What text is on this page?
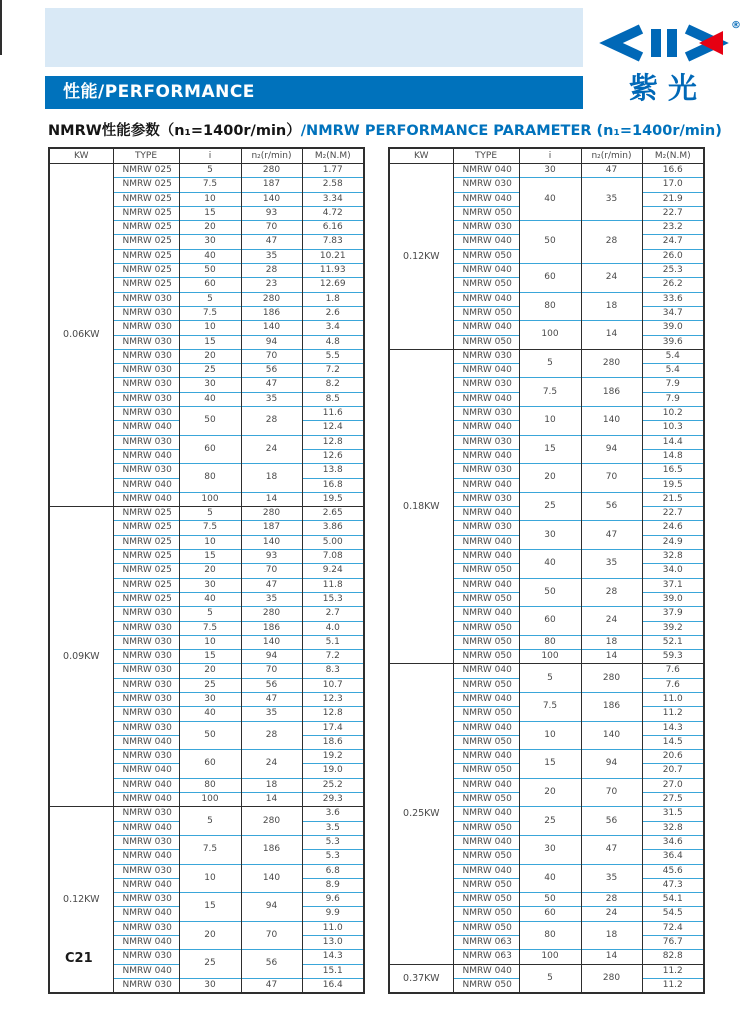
性能/PERFORMANCE
®
紫光
NMRW性能参数（n₁=1400r/min）/NMRW PERFORMANCE PARAMETER (n₁=1400r/min)
KW	TYPE	i	n₂(r/min)	M₂(N.M)
0.06KW	NMRW 025	5	280	1.77
	NMRW 025	7.5	187	2.58
	NMRW 025	10	140	3.34
	NMRW 025	15	93	4.72
	NMRW 025	20	70	6.16
	NMRW 025	30	47	7.83
	NMRW 025	40	35	10.21
	NMRW 025	50	28	11.93
	NMRW 025	60	23	12.69
	NMRW 030	5	280	1.8
	NMRW 030	7.5	186	2.6
	NMRW 030	10	140	3.4
	NMRW 030	15	94	4.8
	NMRW 030	20	70	5.5
	NMRW 030	25	56	7.2
	NMRW 030	30	47	8.2
	NMRW 030	40	35	8.5
	NMRW 030	50	28	11.6
	NMRW 040			12.4
	NMRW 030	60	24	12.8
	NMRW 040			12.6
	NMRW 030	80	18	13.8
	NMRW 040			16.8
	NMRW 040	100	14	19.5
0.09KW	NMRW 025	5	280	2.65
	NMRW 025	7.5	187	3.86
	NMRW 025	10	140	5.00
	NMRW 025	15	93	7.08
	NMRW 025	20	70	9.24
	NMRW 025	30	47	11.8
	NMRW 025	40	35	15.3
	NMRW 030	5	280	2.7
	NMRW 030	7.5	186	4.0
	NMRW 030	10	140	5.1
	NMRW 030	15	94	7.2
	NMRW 030	20	70	8.3
	NMRW 030	25	56	10.7
	NMRW 030	30	47	12.3
	NMRW 030	40	35	12.8
	NMRW 030	50	28	17.4
	NMRW 040			18.6
	NMRW 030	60	24	19.2
	NMRW 040			19.0
	NMRW 040	80	18	25.2
	NMRW 040	100	14	29.3
0.12KW	NMRW 030	5	280	3.6
	NMRW 040			3.5
	NMRW 030	7.5	186	5.3
	NMRW 040			5.3
	NMRW 030	10	140	6.8
	NMRW 040			8.9
	NMRW 030	15	94	9.6
	NMRW 040			9.9
	NMRW 030	20	70	11.0
	NMRW 040			13.0
	NMRW 030	25	56	14.3
	NMRW 040			15.1
	NMRW 030	30	47	16.4
KW	TYPE	i	n₂(r/min)	M₂(N.M)
0.12KW	NMRW 040	30	47	16.6
	NMRW 030	40	35	17.0
	NMRW 040			21.9
	NMRW 050			22.7
	NMRW 030	50	28	23.2
	NMRW 040			24.7
	NMRW 050			26.0
	NMRW 040	60	24	25.3
	NMRW 050			26.2
	NMRW 040	80	18	33.6
	NMRW 050			34.7
	NMRW 040	100	14	39.0
	NMRW 050			39.6
0.18KW	NMRW 030	5	280	5.4
	NMRW 040			5.4
	NMRW 030	7.5	186	7.9
	NMRW 040			7.9
	NMRW 030	10	140	10.2
	NMRW 040			10.3
	NMRW 030	15	94	14.4
	NMRW 040			14.8
	NMRW 030	20	70	16.5
	NMRW 040			19.5
	NMRW 030	25	56	21.5
	NMRW 040			22.7
	NMRW 030	30	47	24.6
	NMRW 040			24.9
	NMRW 040	40	35	32.8
	NMRW 050			34.0
	NMRW 040	50	28	37.1
	NMRW 050			39.0
	NMRW 040	60	24	37.9
	NMRW 050			39.2
	NMRW 050	80	18	52.1
	NMRW 050	100	14	59.3
0.25KW	NMRW 040	5	280	7.6
	NMRW 050			7.6
	NMRW 040	7.5	186	11.0
	NMRW 050			11.2
	NMRW 040	10	140	14.3
	NMRW 050			14.5
	NMRW 040	15	94	20.6
	NMRW 050			20.7
	NMRW 040	20	70	27.0
	NMRW 050			27.5
	NMRW 040	25	56	31.5
	NMRW 050			32.8
	NMRW 040	30	47	34.6
	NMRW 050			36.4
	NMRW 040	40	35	45.6
	NMRW 050			47.3
	NMRW 050	50	28	54.1
	NMRW 050	60	24	54.5
	NMRW 050	80	18	72.4
	NMRW 063			76.7
	NMRW 063	100	14	82.8
0.37KW	NMRW 040	5	280	11.2
	NMRW 050			11.2
C21
